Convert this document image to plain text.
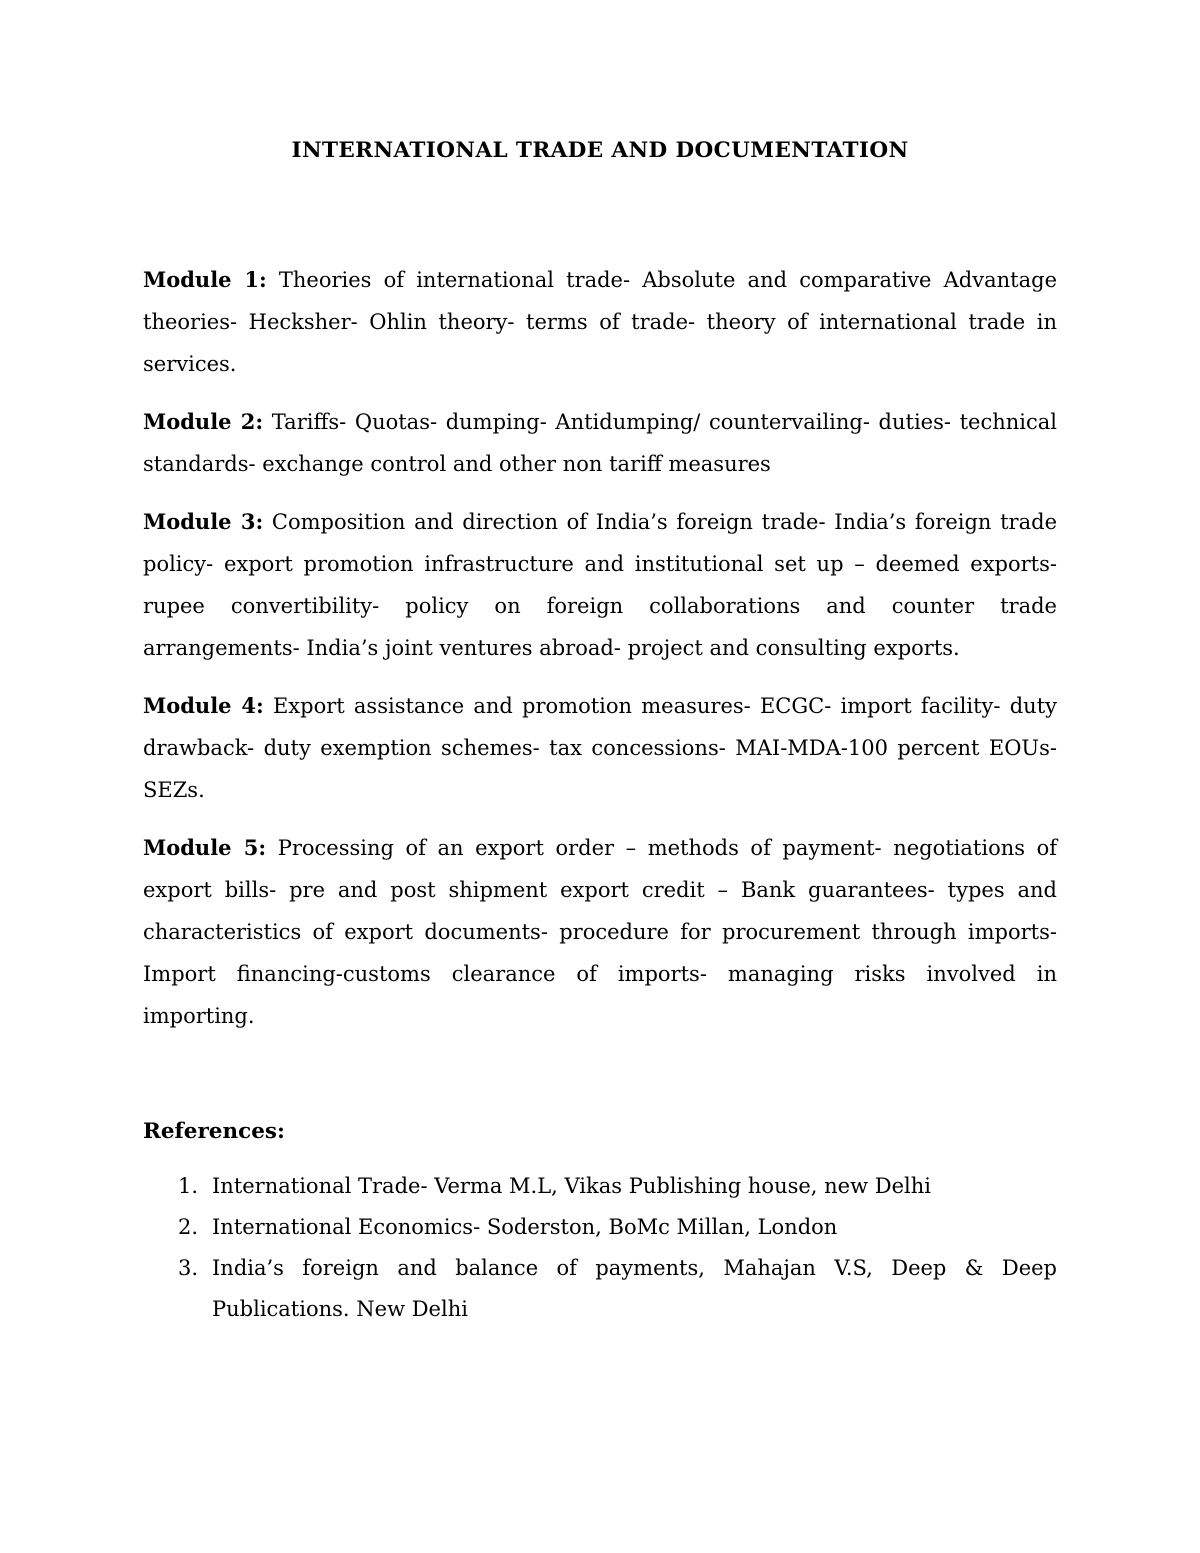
INTERNATIONAL TRADE AND DOCUMENTATION

Module 1: Theories of international trade- Absolute and comparative Advantage theories- Hecksher- Ohlin theory- terms of trade- theory of international trade in services.

Module 2: Tariffs- Quotas- dumping- Antidumping/ countervailing- duties- technical standards- exchange control and other non tariff measures

Module 3: Composition and direction of India’s foreign trade- India’s foreign trade policy- export promotion infrastructure and institutional set up – deemed exports- rupee convertibility- policy on foreign collaborations and counter trade arrangements- India’s joint ventures abroad- project and consulting exports.

Module 4: Export assistance and promotion measures- ECGC- import facility- duty drawback- duty exemption schemes- tax concessions- MAI-MDA-100 percent EOUs-SEZs.

Module 5: Processing of an export order – methods of payment- negotiations of export bills- pre and post shipment export credit – Bank guarantees- types and characteristics of export documents- procedure for procurement through imports- Import financing-customs clearance of imports- managing risks involved in importing.

References:
International Trade- Verma M.L, Vikas Publishing house, new Delhi
International Economics- Soderston, BoMc Millan, London
India’s foreign and balance of payments, Mahajan V.S, Deep & Deep Publications. New Delhi
